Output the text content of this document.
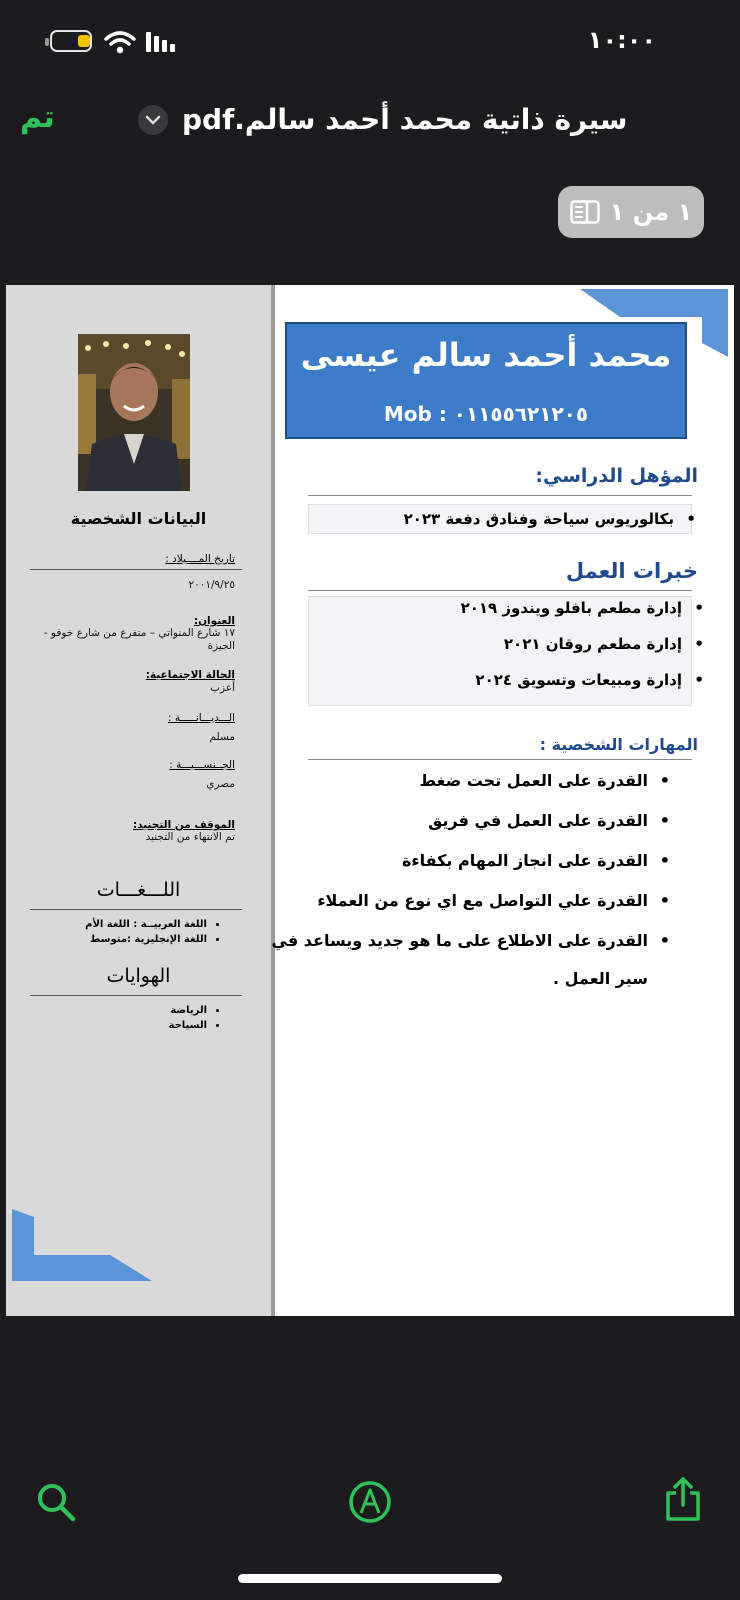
١٠:٠٠
تم	سيرة ذاتية محمد أحمد سالم.pdf
١ من ١
البيانات الشخصية
تاريخ المــــيلاد :
٢٠٠١/٩/٢٥
العنوان:
١٧ شارع المنواتي – متفرع من شارع خوفو - الجيزة
الحالة الاجتماعية:
أعزب
الـــديـــانـــــة :
مسلم
الجــنســـيـــة :
مصري
الموقف من التجنيد:
تم الانتهاء من التجنيد
اللـــغـــات
• اللغة العربيــة : اللغة الأم
• اللغة الإنجليزية :متوسط
الهوايات
• الرياضة
• السياحة
محمد أحمد سالم عيسى
Mob : ٠١١٥٥٦٢١٢٠٥
المؤهل الدراسي:
• بكالوريوس سياحة وفنادق دفعة ٢٠٢٣
خبرات العمل
• إدارة مطعم بافلو ويندوز ٢٠١٩
• إدارة مطعم روقان ٢٠٢١
• إدارة ومبيعات وتسويق ٢٠٢٤
المهارات الشخصية :
• القدرة على العمل تحت ضغط
• القدرة على العمل في فريق
• القدرة على انجاز المهام بكفاءة
• القدرة علي التواصل مع اي نوع من العملاء
• القدرة على الاطلاع على ما هو جديد ويساعد في
سير العمل .
